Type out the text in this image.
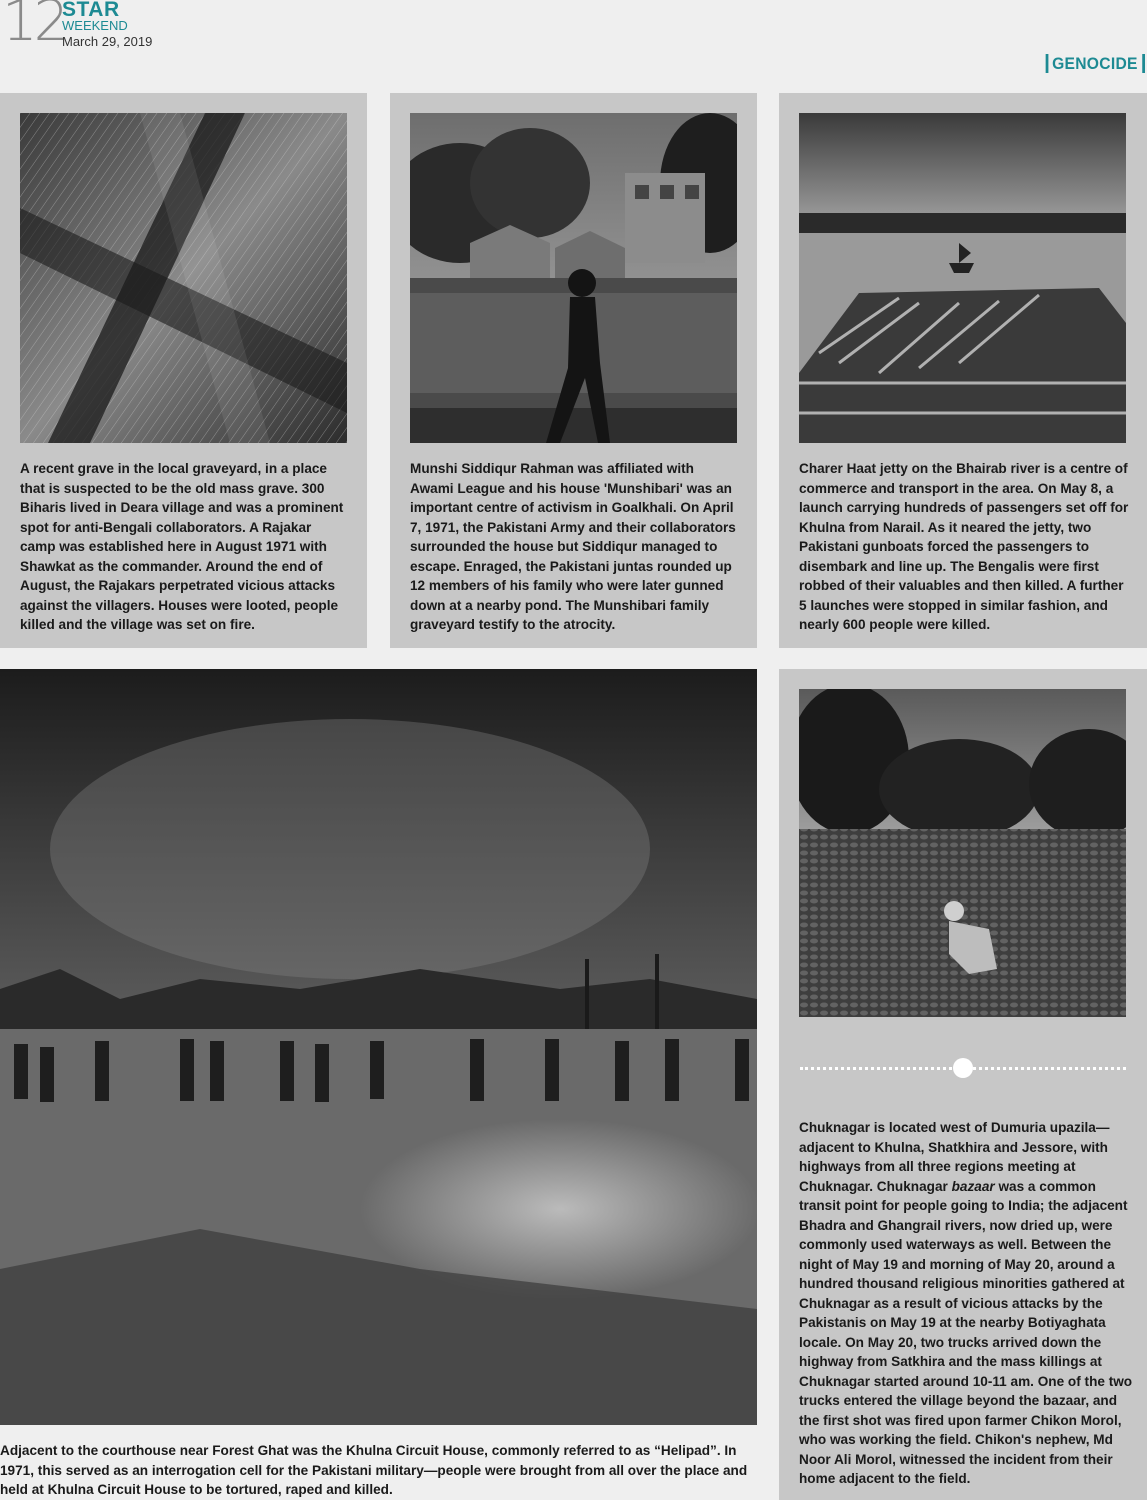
12
STAR
WEEKEND
March 29, 2019
GENOCIDE

A recent grave in the local graveyard, in a place that is suspected to be the old mass grave. 300 Biharis lived in Deara village and was a prominent spot for anti-Bengali collaborators. A Rajakar camp was established here in August 1971 with Shawkat as the commander. Around the end of August, the Rajakars perpetrated vicious attacks against the villagers. Houses were looted, people killed and the village was set on fire.

Munshi Siddiqur Rahman was affiliated with Awami League and his house 'Munshibari' was an important centre of activism in Goalkhali. On April 7, 1971, the Pakistani Army and their collaborators surrounded the house but Siddiqur managed to escape. Enraged, the Pakistani juntas rounded up 12 members of his family who were later gunned down at a nearby pond. The Munshibari family graveyard testify to the atrocity.

Charer Haat jetty on the Bhairab river is a centre of commerce and transport in the area. On May 8, a launch carrying hundreds of passengers set off for Khulna from Narail. As it neared the jetty, two Pakistani gunboats forced the passengers to disembark and line up. The Bengalis were first robbed of their valuables and then killed. A further 5 launches were stopped in similar fashion, and nearly 600 people were killed.

Adjacent to the courthouse near Forest Ghat was the Khulna Circuit House, commonly referred to as “Helipad”. In 1971, this served as an interrogation cell for the Pakistani military—people were brought from all over the place and held at Khulna Circuit House to be tortured, raped and killed.

Chuknagar is located west of Dumuria upazila—adjacent to Khulna, Shatkhira and Jessore, with highways from all three regions meeting at Chuknagar. Chuknagar bazaar was a common transit point for people going to India; the adjacent Bhadra and Ghangrail rivers, now dried up, were commonly used waterways as well. Between the night of May 19 and morning of May 20, around a hundred thousand religious minorities gathered at Chuknagar as a result of vicious attacks by the Pakistanis on May 19 at the nearby Botiyaghata locale. On May 20, two trucks arrived down the highway from Satkhira and the mass killings at Chuknagar started around 10-11 am. One of the two trucks entered the village beyond the bazaar, and the first shot was fired upon farmer Chikon Morol, who was working the field. Chikon's nephew, Md Noor Ali Morol, witnessed the incident from their home adjacent to the field.
